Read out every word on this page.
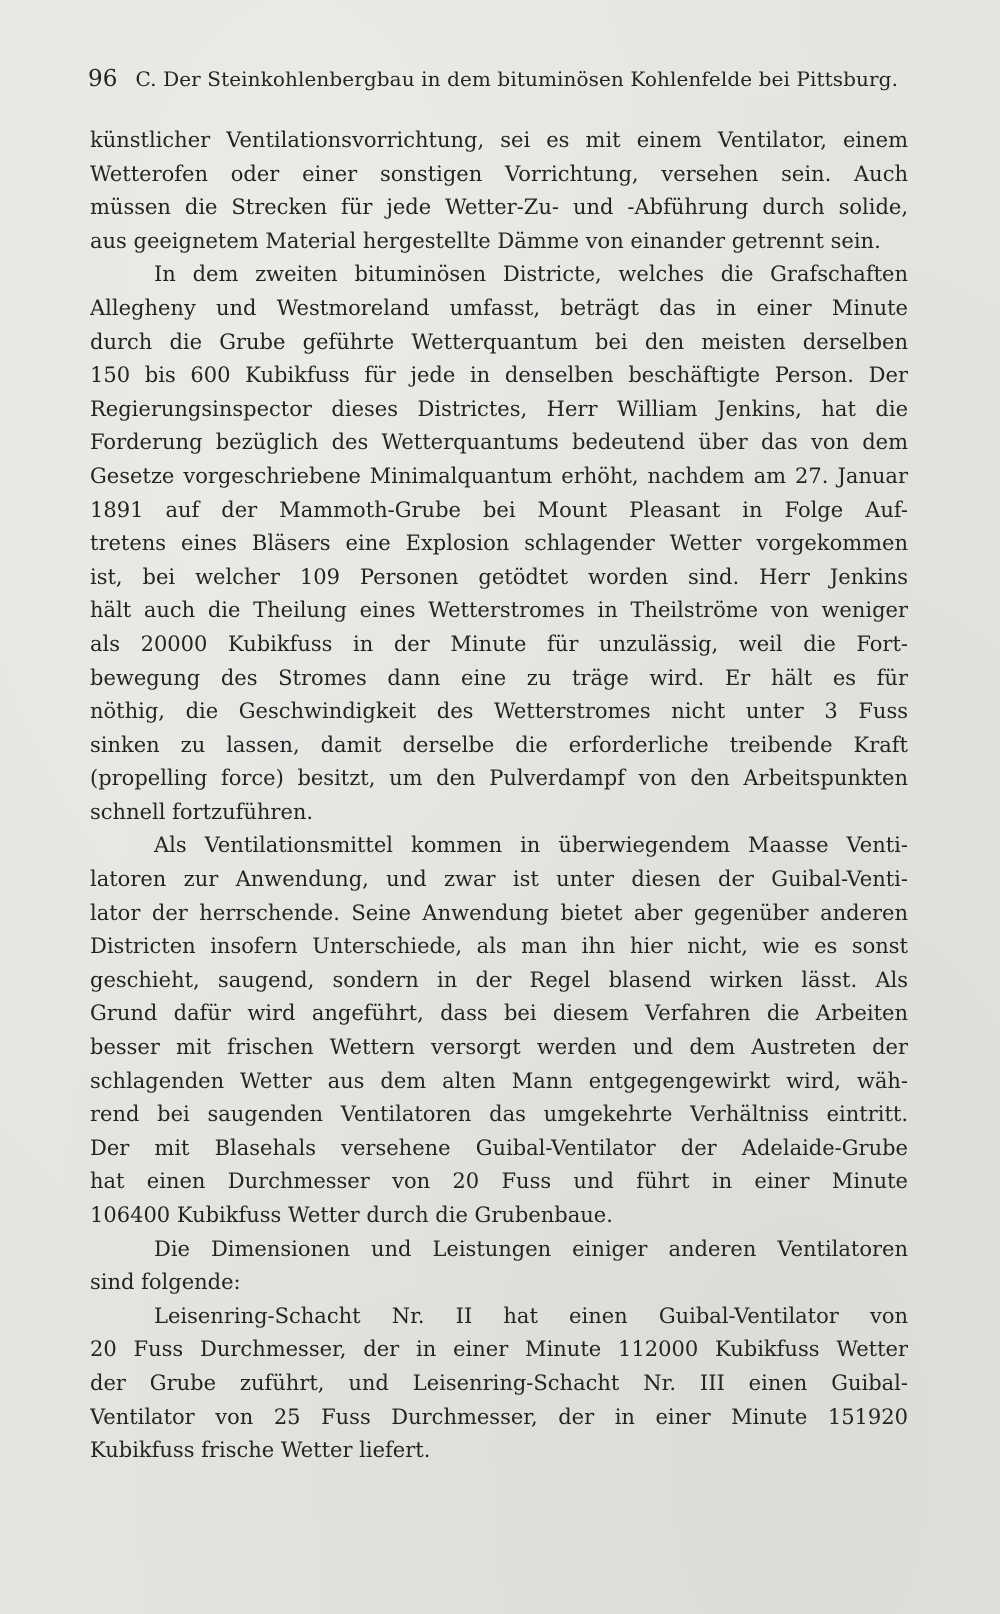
96 C. Der Steinkohlenbergbau in dem bituminösen Kohlenfelde bei Pittsburg.
künstlicher Ventilationsvorrichtung, sei es mit einem Ventilator, einem
Wetterofen oder einer sonstigen Vorrichtung, versehen sein. Auch
müssen die Strecken für jede Wetter-Zu- und -Abführung durch solide,
aus geeignetem Material hergestellte Dämme von einander getrennt sein.
In dem zweiten bituminösen Districte, welches die Grafschaften
Allegheny und Westmoreland umfasst, beträgt das in einer Minute
durch die Grube geführte Wetterquantum bei den meisten derselben
150 bis 600 Kubikfuss für jede in denselben beschäftigte Person. Der
Regierungsinspector dieses Districtes, Herr William Jenkins, hat die
Forderung bezüglich des Wetterquantums bedeutend über das von dem
Gesetze vorgeschriebene Minimalquantum erhöht, nachdem am 27. Januar
1891 auf der Mammoth-Grube bei Mount Pleasant in Folge Auf-
tretens eines Bläsers eine Explosion schlagender Wetter vorgekommen
ist, bei welcher 109 Personen getödtet worden sind. Herr Jenkins
hält auch die Theilung eines Wetterstromes in Theilströme von weniger
als 20000 Kubikfuss in der Minute für unzulässig, weil die Fort-
bewegung des Stromes dann eine zu träge wird. Er hält es für
nöthig, die Geschwindigkeit des Wetterstromes nicht unter 3 Fuss
sinken zu lassen, damit derselbe die erforderliche treibende Kraft
(propelling force) besitzt, um den Pulverdampf von den Arbeitspunkten
schnell fortzuführen.
Als Ventilationsmittel kommen in überwiegendem Maasse Venti-
latoren zur Anwendung, und zwar ist unter diesen der Guibal-Venti-
lator der herrschende. Seine Anwendung bietet aber gegenüber anderen
Districten insofern Unterschiede, als man ihn hier nicht, wie es sonst
geschieht, saugend, sondern in der Regel blasend wirken lässt. Als
Grund dafür wird angeführt, dass bei diesem Verfahren die Arbeiten
besser mit frischen Wettern versorgt werden und dem Austreten der
schlagenden Wetter aus dem alten Mann entgegengewirkt wird, wäh-
rend bei saugenden Ventilatoren das umgekehrte Verhältniss eintritt.
Der mit Blasehals versehene Guibal-Ventilator der Adelaide-Grube
hat einen Durchmesser von 20 Fuss und führt in einer Minute
106400 Kubikfuss Wetter durch die Grubenbaue.
Die Dimensionen und Leistungen einiger anderen Ventilatoren
sind folgende:
Leisenring-Schacht Nr. II hat einen Guibal-Ventilator von
20 Fuss Durchmesser, der in einer Minute 112000 Kubikfuss Wetter
der Grube zuführt, und Leisenring-Schacht Nr. III einen Guibal-
Ventilator von 25 Fuss Durchmesser, der in einer Minute 151920
Kubikfuss frische Wetter liefert.
